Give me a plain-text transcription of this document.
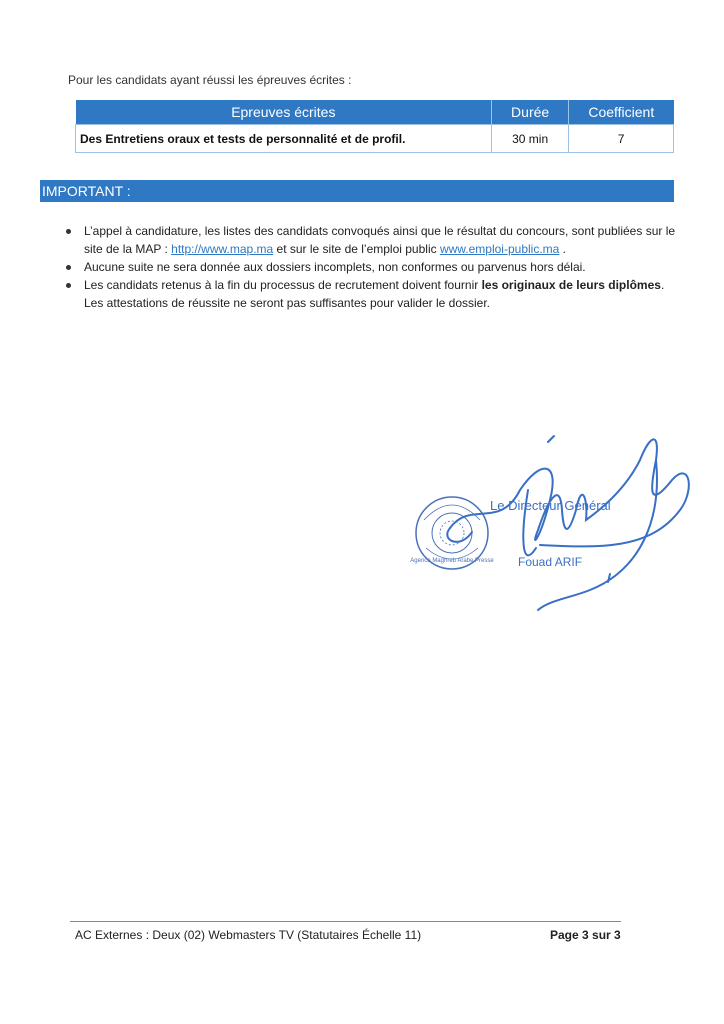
Pour les candidats ayant réussi les épreuves écrites :
Epreuves écrites	Durée	Coefficient
Des Entretiens oraux et tests de personnalité et de profil.	30 min	7
IMPORTANT :
L’appel à candidature, les listes des candidats convoqués ainsi que le résultat du concours, sont publiées sur le site de la MAP : http://www.map.ma et sur le site de l’emploi public www.emploi-public.ma .
Aucune suite ne sera donnée aux dossiers incomplets, non conformes ou parvenus hors délai.
Les candidats retenus à la fin du processus de recrutement doivent fournir les originaux de leurs diplômes. Les attestations de réussite ne seront pas suffisantes pour valider le dossier.
Agence Maghreb Arabe Presse
Le Directeur Général
Fouad ARIF
AC Externes : Deux (02) Webmasters TV (Statutaires Échelle 11)	Page 3 sur 3
